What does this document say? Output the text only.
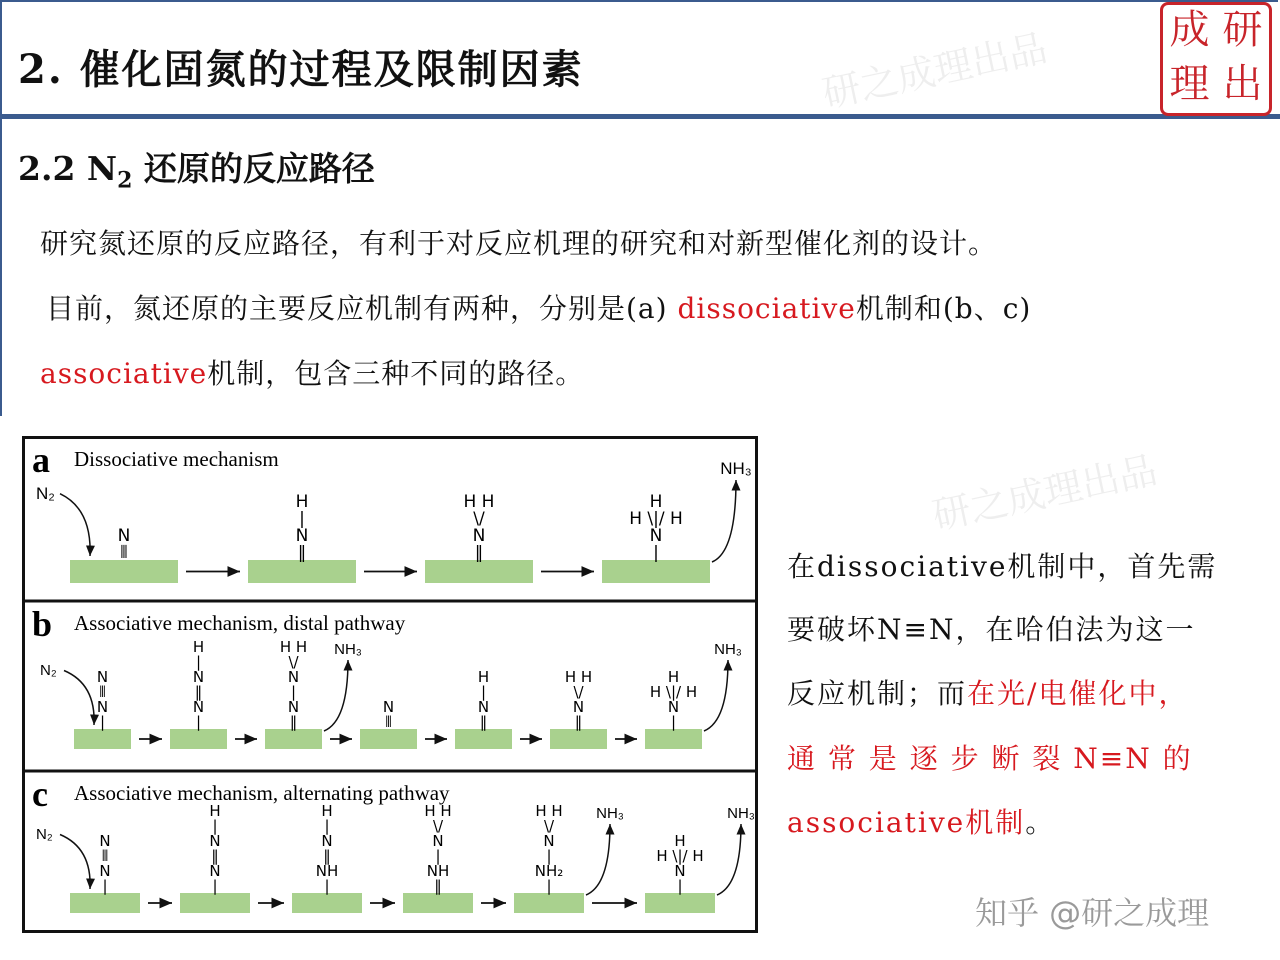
2. 催化固氮的过程及限制因素
研
成
理 出
研之成理出品
研之成理出品
2.2 $N_2$ 还原的反应路径
研究氮还原的反应路径，有利于对反应机理的研究和对新型催化剂的设计。
目前，氮还原的主要反应机制有两种，分别是(a) dissociative机制和(b、c)
associative机制，包含三种不同的路径。
a Dissociative mechanism
N₂
⫴
N
‖
N
|
H
‖
N
\/
H H
|
N
H \|/ H
H
NH₃
b Associative mechanism, distal pathway
N₂
|
N
⫴
N
|
N
‖
N
|
H
‖
N
|
N
\/
H H
⫴
N
‖
N
|
H
‖
N
\/
H H
|
N
H \|/ H
H
NH₃	NH₃
c Associative mechanism, alternating pathway
N₂
|
N
⫴
N
|
N
‖
N
|
H
|
NH
‖
N
|
H
‖
NH
|
N
\/
H H
|
NH₂
|
N
\/
H H
|
N
H \|/ H
H
NH₃	NH₃
在dissociative机制中，首先需
要破坏N≡N，在哈伯法为这一
反应机制；而在光/电催化中，
通 常 是 逐 步 断 裂 N≡N 的
associative机制。
知乎 @研之成理
